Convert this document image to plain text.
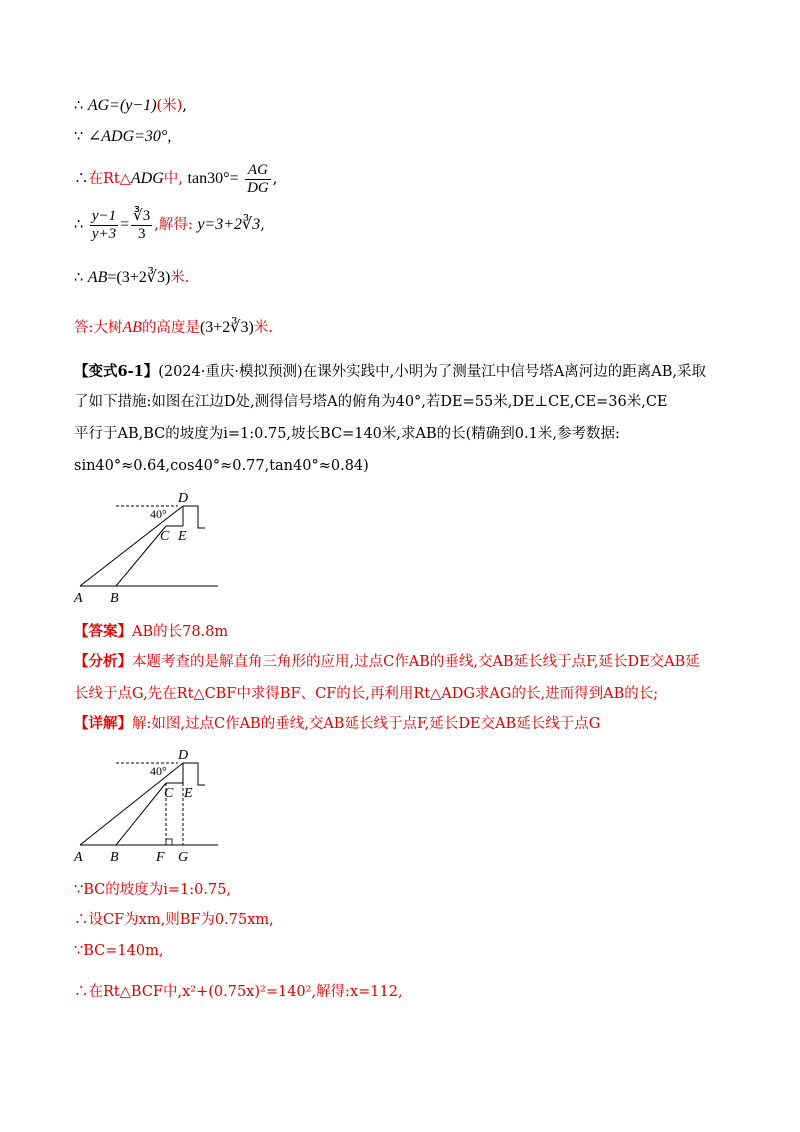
∴ AG=(y−1)(米),
∵ ∠ADG=30°,
∴在Rt△ADG中, $\tan 30^\circ= \frac{AG}{DG}$ ,
∴ $\frac{y-1}{y+3} = \frac{∛3}{3}$ ,解得: y=3+2∛3,
∴ AB=(3+2∛3)米.
答:大树AB的高度是(3+2∛3)米.
【变式6-1】(2024·重庆·模拟预测)在课外实践中,小明为了测量江中信号塔A离河边的距离AB,采取
了如下措施:如图在江边D处,测得信号塔A的俯角为40°,若DE=55米,DE⊥CE,CE=36米,CE
平行于AB,BC的坡度为i=1:0.75,坡长BC=140米,求AB的长(精确到0.1米,参考数据:
sin40°≈0.64,cos40°≈0.77,tan40°≈0.84)
D
40°
C E
A B
【答案】AB的长78.8m
【分析】本题考查的是解直角三角形的应用,过点C作AB的垂线,交AB延长线于点F,延长DE交AB延
长线于点G,先在Rt△CBF中求得BF、CF的长,再利用Rt△ADG求AG的长,进而得到AB的长;
【详解】解:如图,过点C作AB的垂线,交AB延长线于点F,延长DE交AB延长线于点G
D
40°
C E
A B	F G
∵BC的坡度为i=1:0.75,
∴设CF为xm,则BF为0.75xm,
∵BC=140m,
∴在Rt△BCF中,x²+(0.75x)²=140²,解得:x=112,
